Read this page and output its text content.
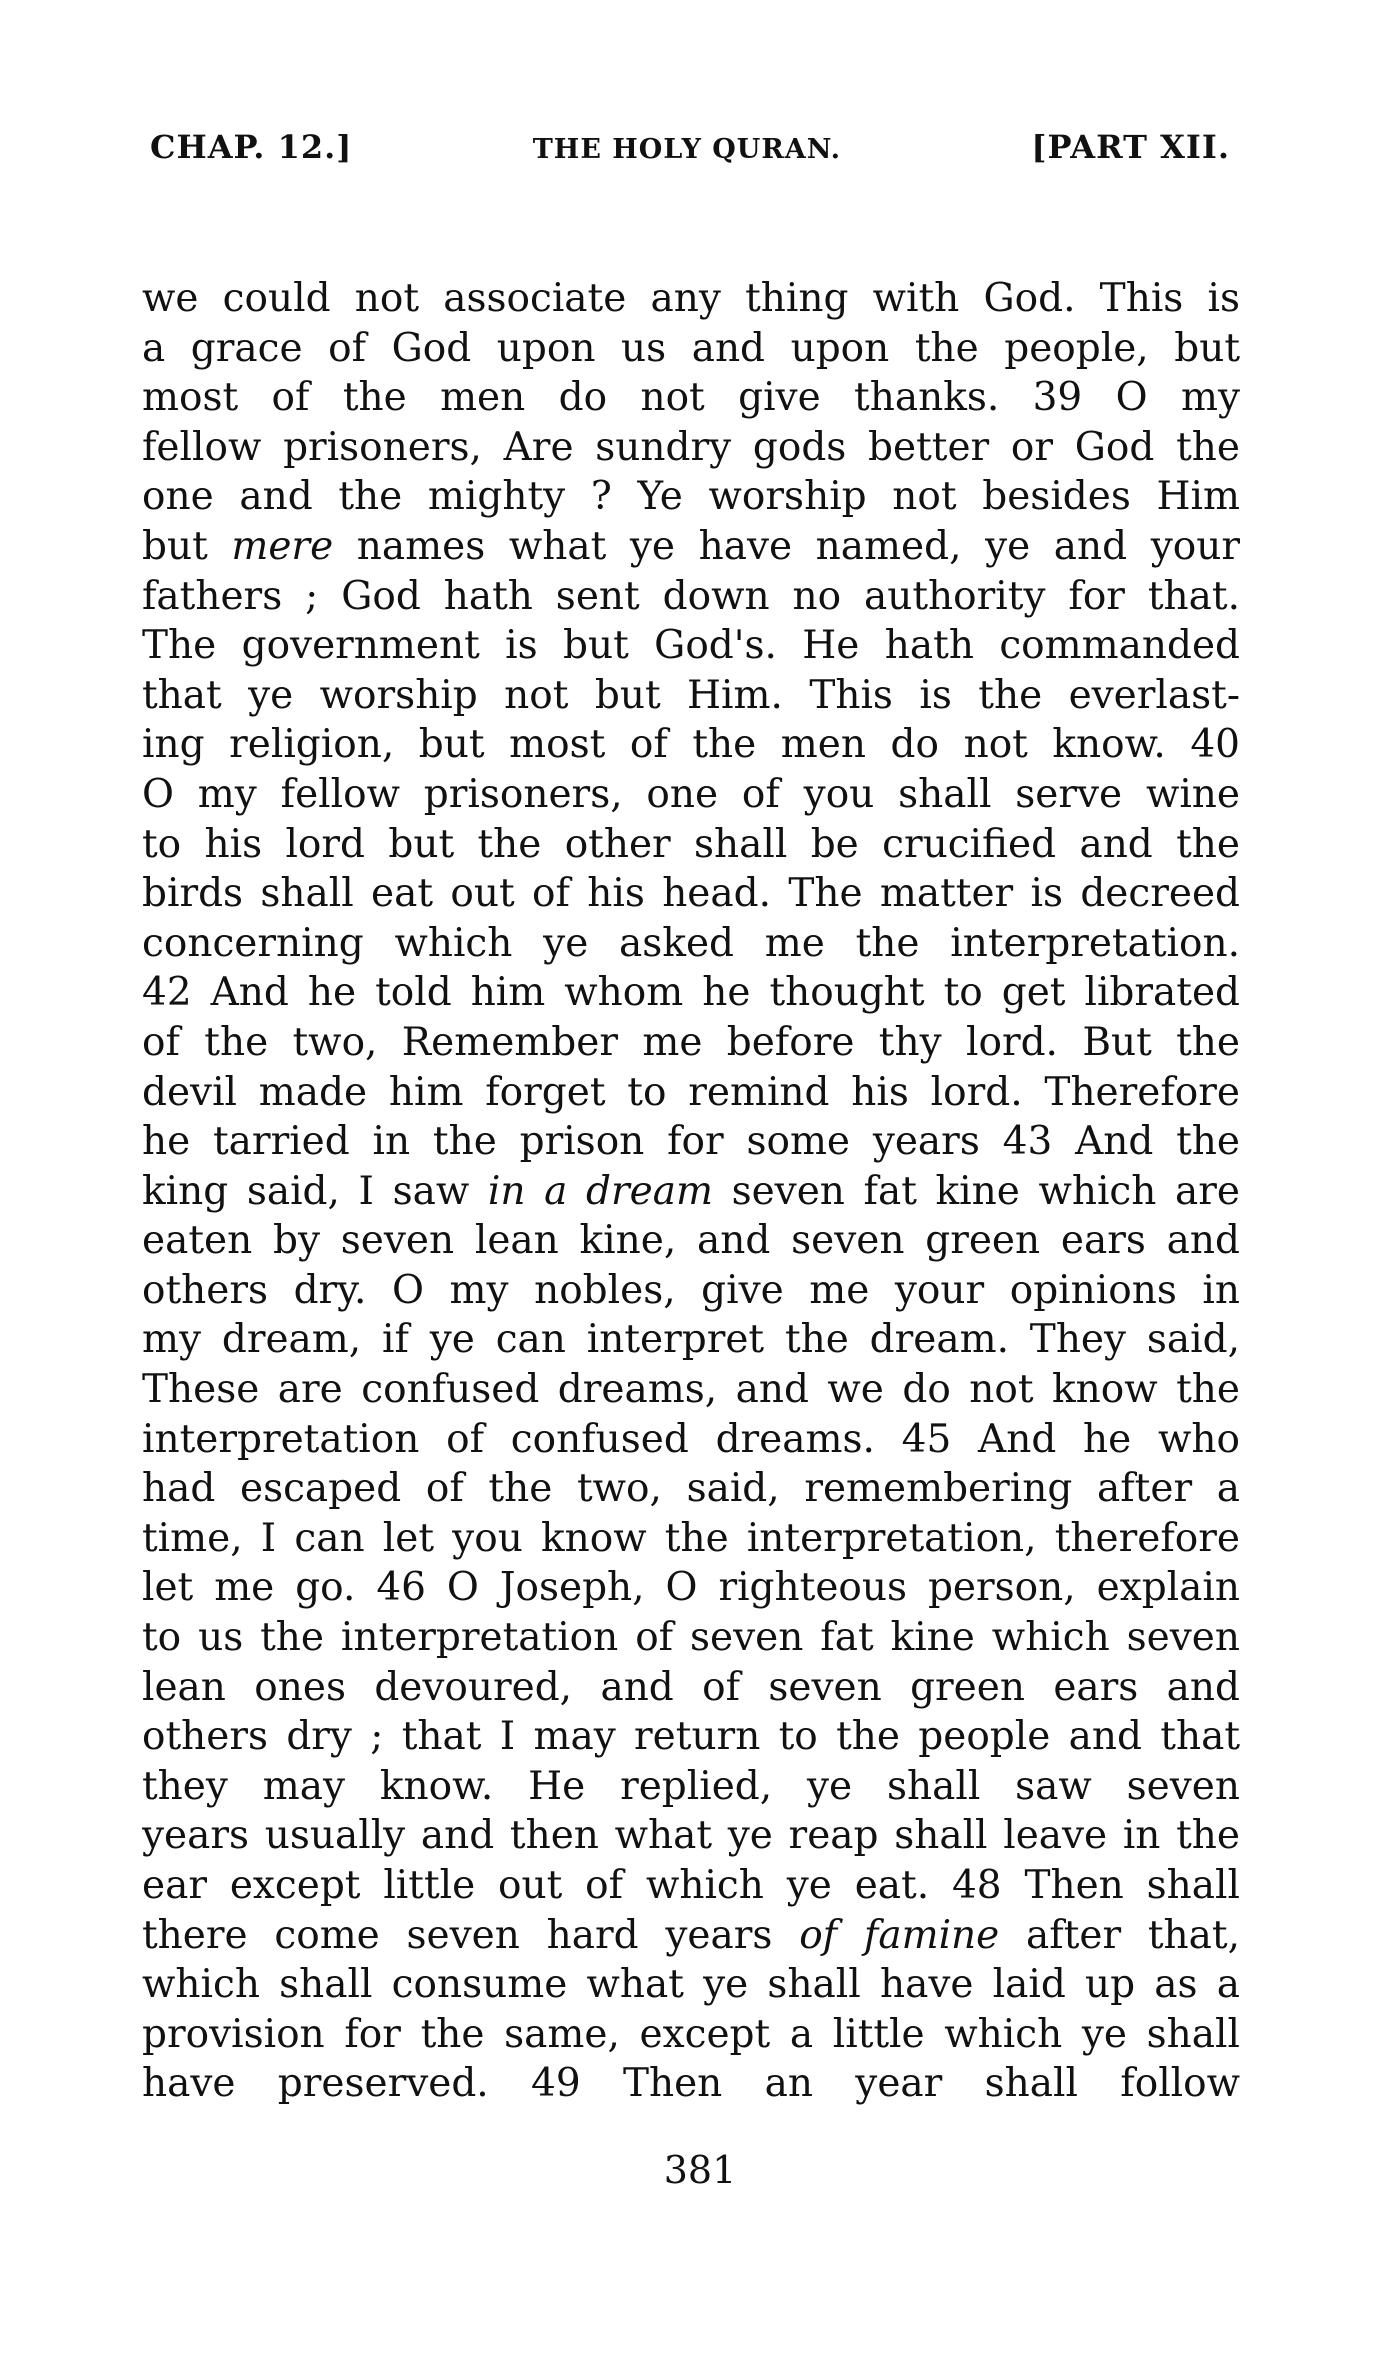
CHAP. 12.]	THE HOLY QURAN.	[PART XII.
we could not associate any thing with God. This is
a grace of God upon us and upon the people, but
most of the men do not give thanks. 39 O my
fellow prisoners, Are sundry gods better or God the
one and the mighty ? Ye worship not besides Him
but mere names what ye have named, ye and your
fathers ; God hath sent down no authority for that.
The government is but God's. He hath commanded
that ye worship not but Him. This is the everlast-
ing religion, but most of the men do not know. 40
O my fellow prisoners, one of you shall serve wine
to his lord but the other shall be crucified and the
birds shall eat out of his head. The matter is decreed
concerning which ye asked me the interpretation.
42 And he told him whom he thought to get librated
of the two, Remember me before thy lord. But the
devil made him forget to remind his lord. Therefore
he tarried in the prison for some years 43 And the
king said, I saw in a dream seven fat kine which are
eaten by seven lean kine, and seven green ears and
others dry. O my nobles, give me your opinions in
my dream, if ye can interpret the dream. They said,
These are confused dreams, and we do not know the
interpretation of confused dreams. 45 And he who
had escaped of the two, said, remembering after a
time, I can let you know the interpretation, therefore
let me go. 46 O Joseph, O righteous person, explain
to us the interpretation of seven fat kine which seven
lean ones devoured, and of seven green ears and
others dry ; that I may return to the people and that
they may know. He replied, ye shall saw seven
years usually and then what ye reap shall leave in the
ear except little out of which ye eat. 48 Then shall
there come seven hard years of famine after that,
which shall consume what ye shall have laid up as a
provision for the same, except a little which ye shall
have preserved. 49 Then an year shall follow
381
